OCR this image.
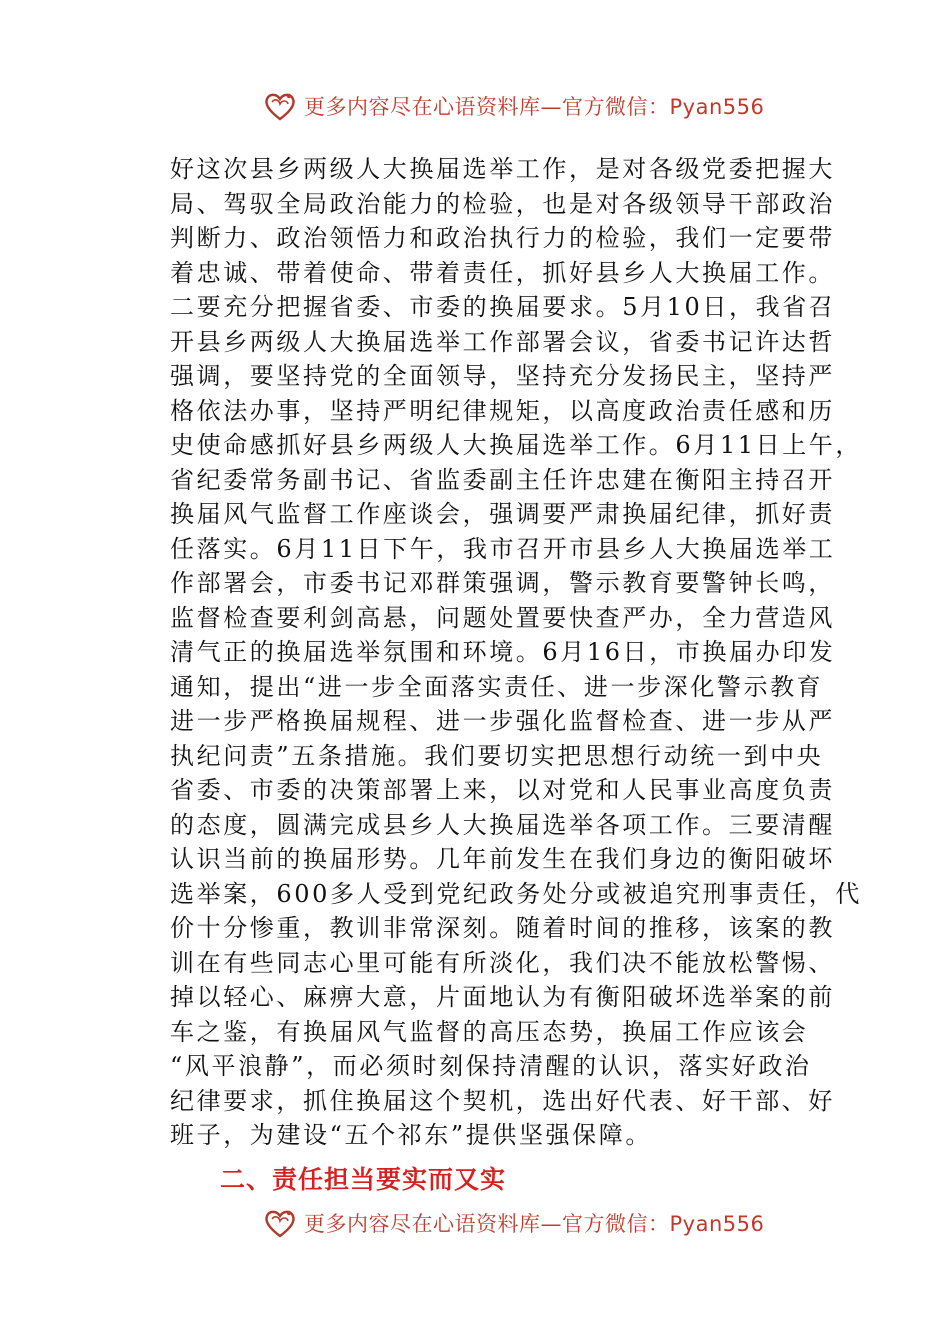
更多内容尽在心语资料库—官方微信：Pyan556
好这次县乡两级人大换届选举工作，是对各级党委把握大
局、驾驭全局政治能力的检验，也是对各级领导干部政治
判断力、政治领悟力和政治执行力的检验，我们一定要带
着忠诚、带着使命、带着责任，抓好县乡人大换届工作。
二要充分把握省委、市委的换届要求。5月10日，我省召
开县乡两级人大换届选举工作部署会议，省委书记许达哲
强调，要坚持党的全面领导，坚持充分发扬民主，坚持严
格依法办事，坚持严明纪律规矩，以高度政治责任感和历
史使命感抓好县乡两级人大换届选举工作。6月11日上午，
省纪委常务副书记、省监委副主任许忠建在衡阳主持召开
换届风气监督工作座谈会，强调要严肃换届纪律，抓好责
任落实。6月11日下午，我市召开市县乡人大换届选举工
作部署会，市委书记邓群策强调，警示教育要警钟长鸣，
监督检查要利剑高悬，问题处置要快查严办，全力营造风
清气正的换届选举氛围和环境。6月16日，市换届办印发
通知，提出“进一步全面落实责任、进一步深化警示教育
进一步严格换届规程、进一步强化监督检查、进一步从严
执纪问责”五条措施。我们要切实把思想行动统一到中央
省委、市委的决策部署上来，以对党和人民事业高度负责
的态度，圆满完成县乡人大换届选举各项工作。三要清醒
认识当前的换届形势。几年前发生在我们身边的衡阳破坏
选举案，600多人受到党纪政务处分或被追究刑事责任，代
价十分惨重，教训非常深刻。随着时间的推移，该案的教
训在有些同志心里可能有所淡化，我们决不能放松警惕、
掉以轻心、麻痹大意，片面地认为有衡阳破坏选举案的前
车之鉴，有换届风气监督的高压态势，换届工作应该会
“风平浪静”，而必须时刻保持清醒的认识，落实好政治
纪律要求，抓住换届这个契机，选出好代表、好干部、好
班子，为建设“五个祁东”提供坚强保障。
二、责任担当要实而又实
更多内容尽在心语资料库—官方微信：Pyan556
